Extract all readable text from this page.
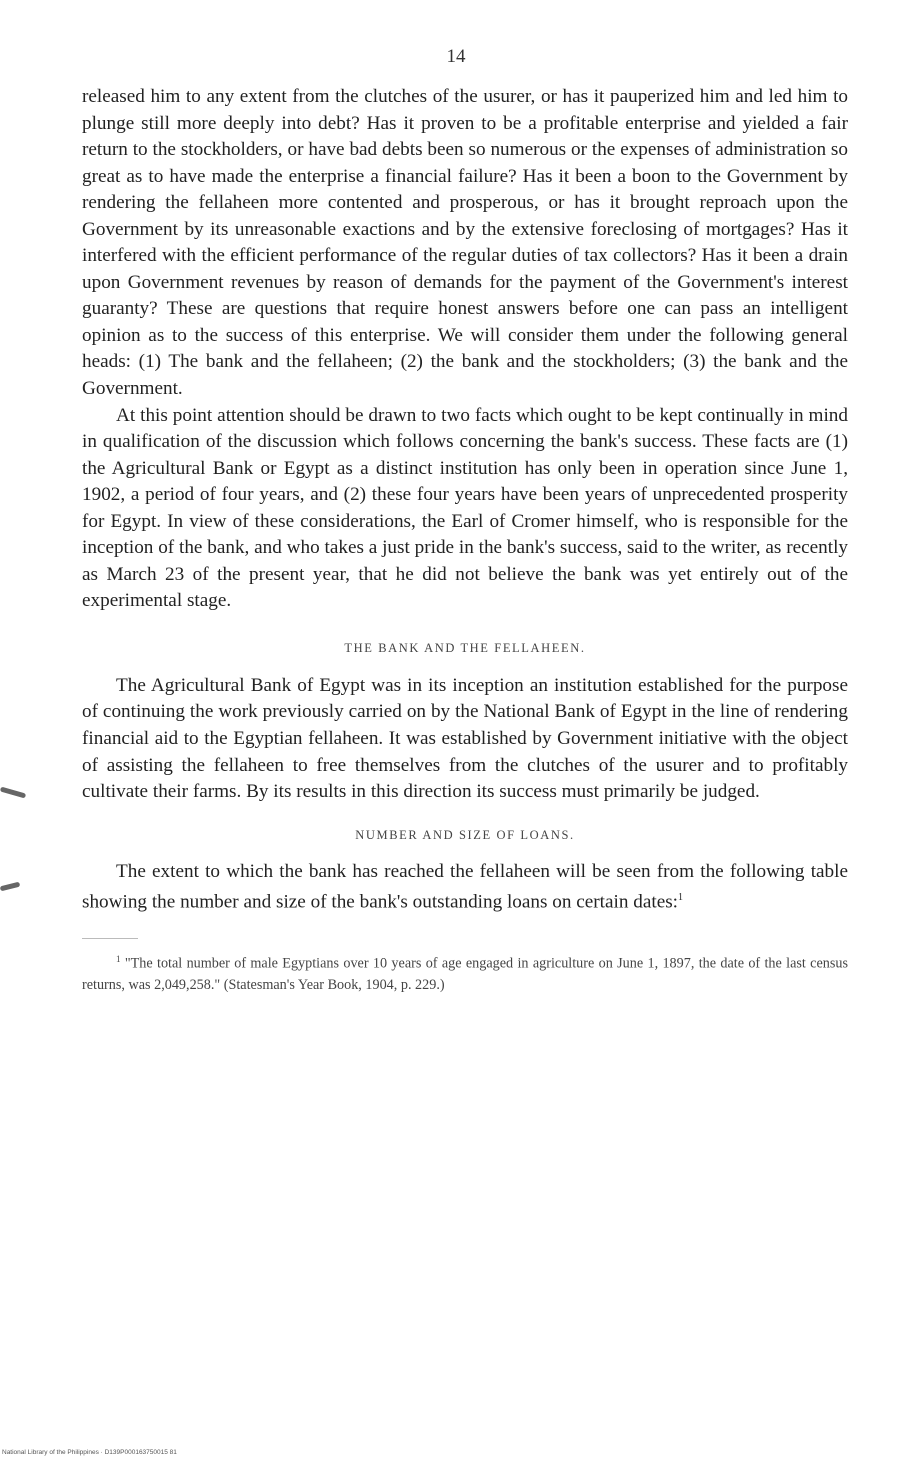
14

released him to any extent from the clutches of the usurer, or has it pauperized him and led him to plunge still more deeply into debt? Has it proven to be a profitable enterprise and yielded a fair return to the stockholders, or have bad debts been so numerous or the expenses of administration so great as to have made the enterprise a financial failure? Has it been a boon to the Government by rendering the fellaheen more contented and prosperous, or has it brought reproach upon the Government by its unreasonable exactions and by the extensive foreclosing of mortgages? Has it interfered with the efficient performance of the regular duties of tax collectors? Has it been a drain upon Government revenues by reason of demands for the payment of the Government's interest guaranty? These are questions that require honest answers before one can pass an intelligent opinion as to the success of this enterprise. We will consider them under the following general heads: (1) The bank and the fellaheen; (2) the bank and the stockholders; (3) the bank and the Government.

At this point attention should be drawn to two facts which ought to be kept continually in mind in qualification of the discussion which follows concerning the bank's success. These facts are (1) the Agricultural Bank or Egypt as a distinct institution has only been in operation since June 1, 1902, a period of four years, and (2) these four years have been years of unprecedented prosperity for Egypt. In view of these considerations, the Earl of Cromer himself, who is responsible for the inception of the bank, and who takes a just pride in the bank's success, said to the writer, as recently as March 23 of the present year, that he did not believe the bank was yet entirely out of the experimental stage.

THE BANK AND THE FELLAHEEN.

The Agricultural Bank of Egypt was in its inception an institution established for the purpose of continuing the work previously carried on by the National Bank of Egypt in the line of rendering financial aid to the Egyptian fellaheen. It was established by Government initiative with the object of assisting the fellaheen to free themselves from the clutches of the usurer and to profitably cultivate their farms. By its results in this direction its success must primarily be judged.

NUMBER AND SIZE OF LOANS.

The extent to which the bank has reached the fellaheen will be seen from the following table showing the number and size of the bank's outstanding loans on certain dates:$^1$

$^1$ "The total number of male Egyptians over 10 years of age engaged in agriculture on June 1, 1897, the date of the last census returns, was 2,049,258." (Statesman's Year Book, 1904, p. 229.)

National Library of the Philippines · D139P000163750015 81
